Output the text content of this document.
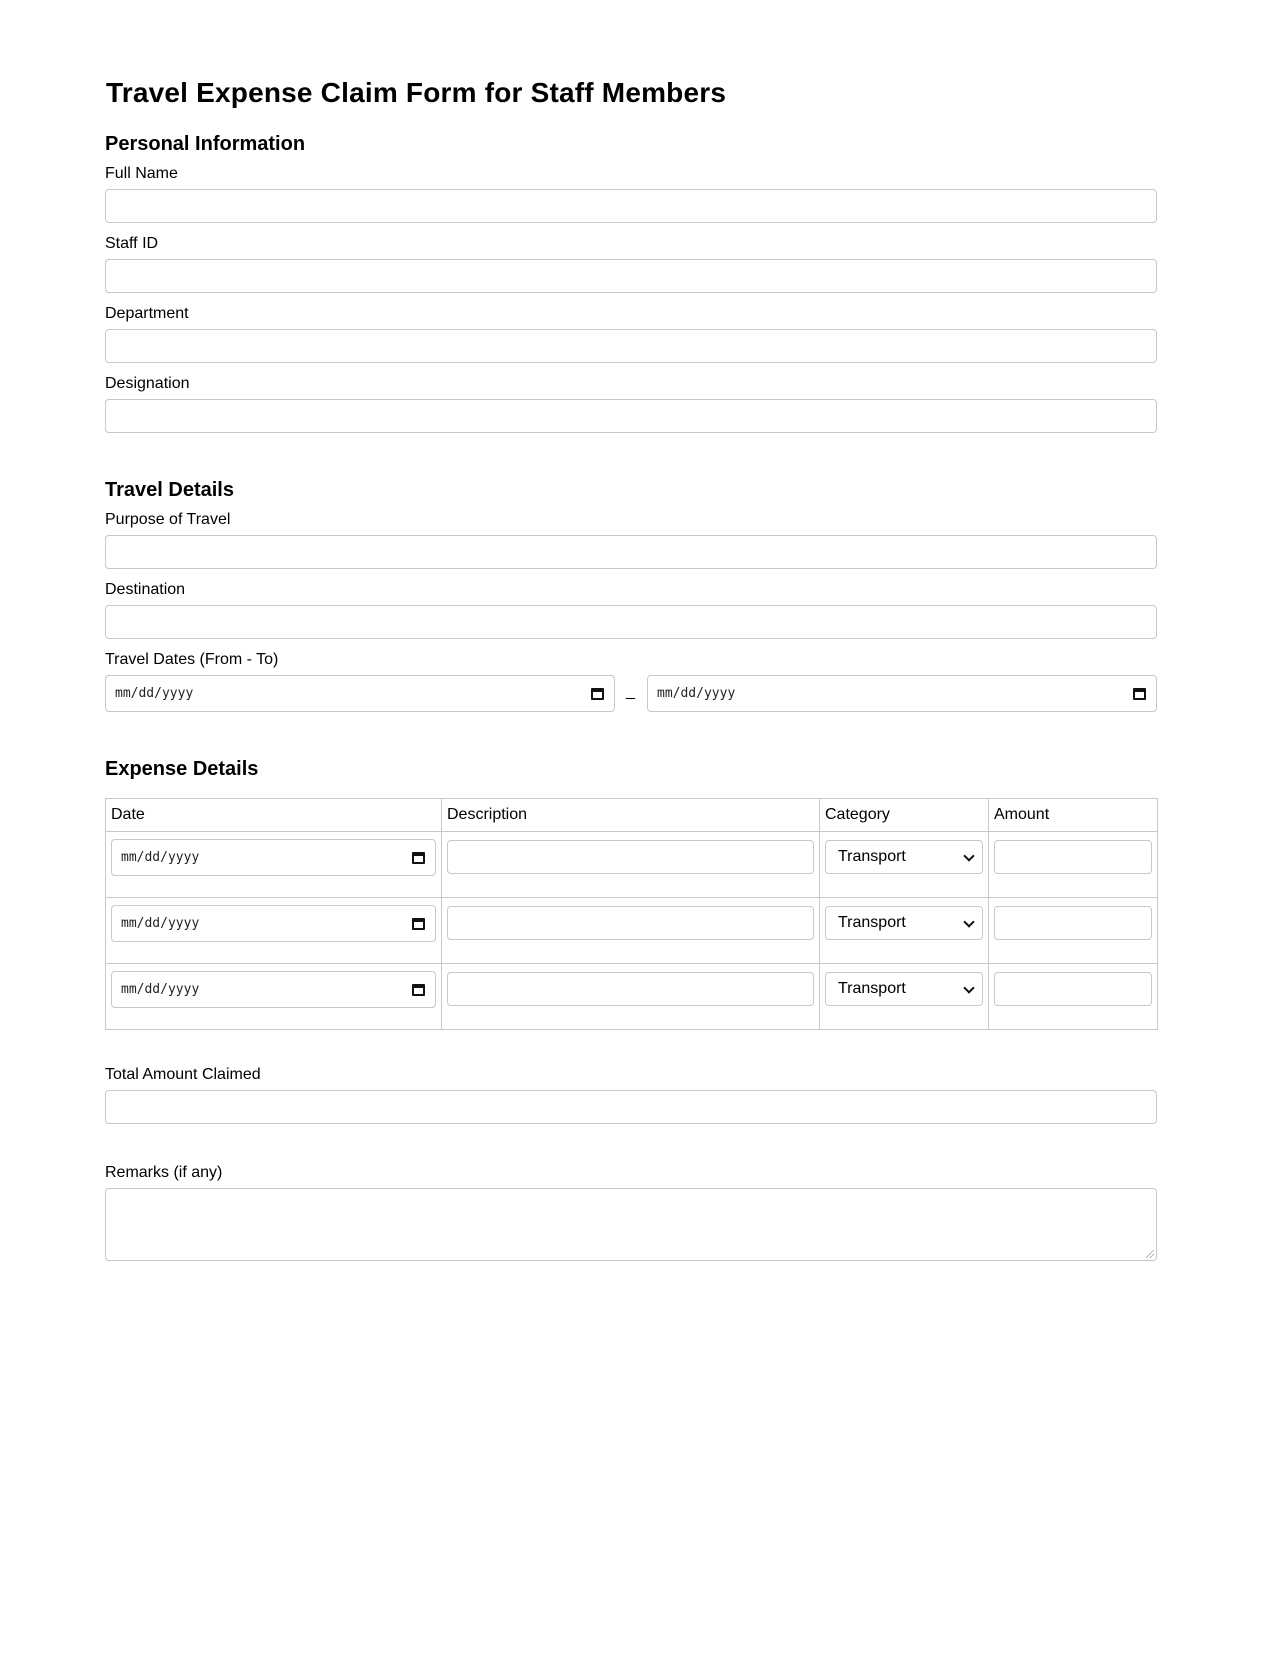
Travel Expense Claim Form for Staff Members
Personal Information
Full Name
Staff ID
Department
Designation
Travel Details
Purpose of Travel
Destination
Travel Dates (From - To)
mm/dd/yyyy	_ mm/dd/yyyy
Expense Details
Date	Description	Category	Amount

mm/dd/yyyy		Transport	

mm/dd/yyyy		Transport	

mm/dd/yyyy		Transport	

Total Amount Claimed
Remarks (if any)
